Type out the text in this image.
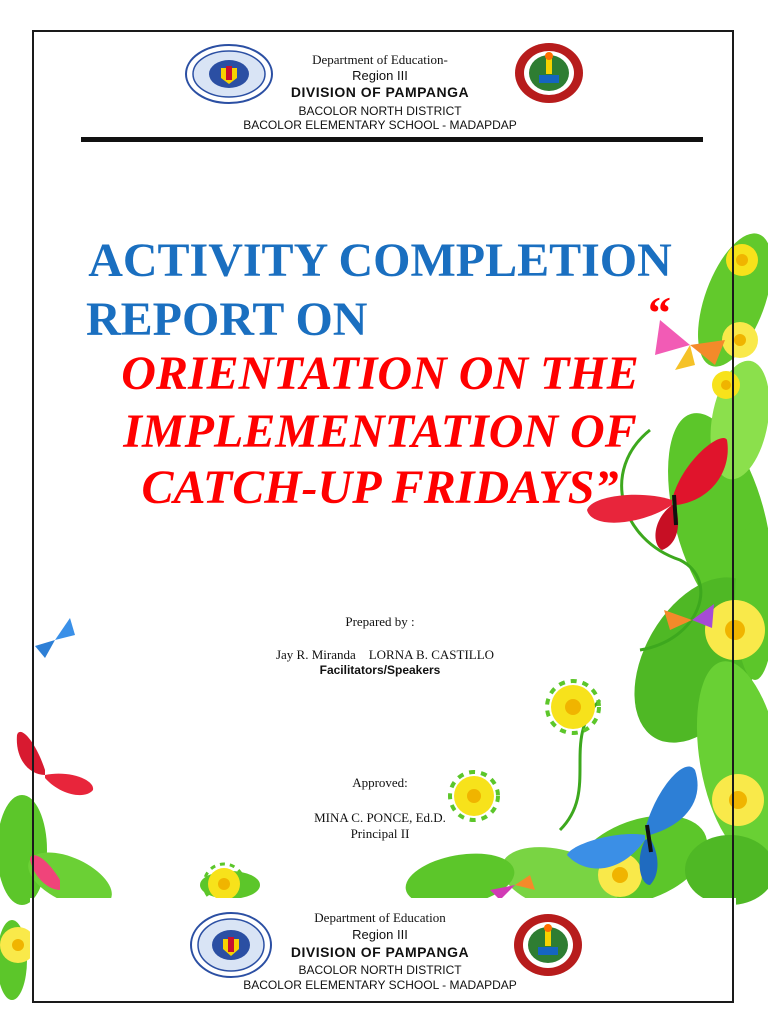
Department of Education-
Region III
DIVISION OF PAMPANGA
BACOLOR NORTH DISTRICT
BACOLOR ELEMENTARY SCHOOL - MADAPDAP
ACTIVITY COMPLETION
REPORT ON	“
ORIENTATION ON THE
IMPLEMENTATION OF
CATCH-UP FRIDAYS”
Prepared by :
Jay R. Miranda    LORNA B. CASTILLO
Facilitators/Speakers
Approved:
MINA C. PONCE, Ed.D.
Principal II
Department of Education
Region III
DIVISION OF PAMPANGA
BACOLOR NORTH DISTRICT
BACOLOR ELEMENTARY SCHOOL - MADAPDAP
